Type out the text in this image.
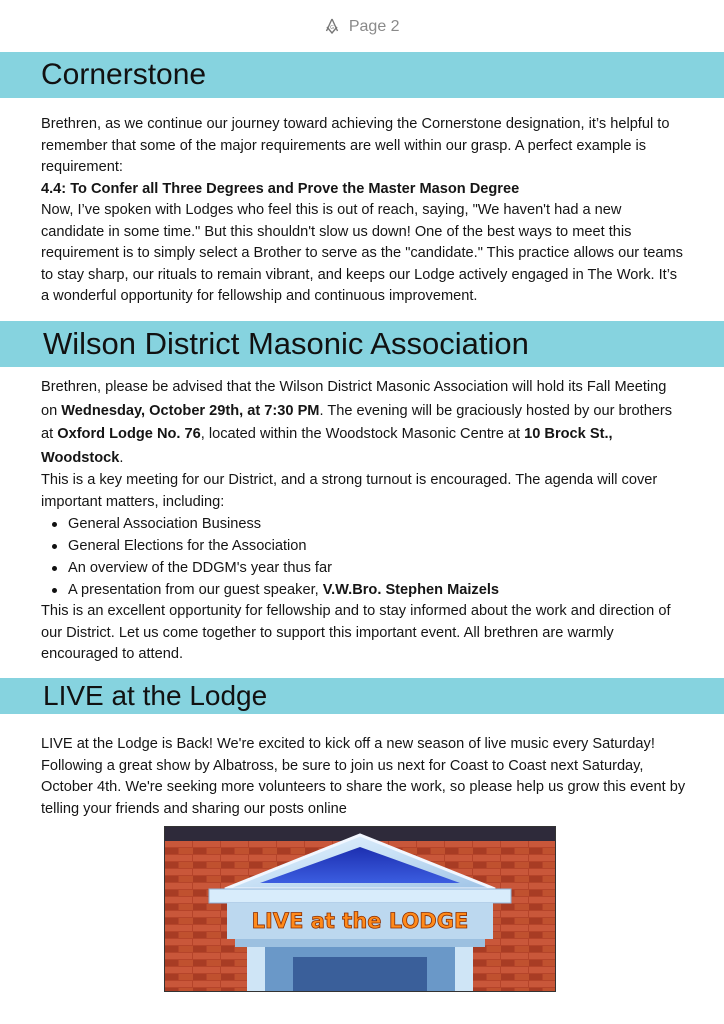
G Page 2
Cornerstone

Brethren, as we continue our journey toward achieving the Cornerstone designation, it’s helpful to remember that some of the major requirements are well within our grasp. A perfect example is requirement:

4.4: To Confer all Three Degrees and Prove the Master Mason Degree

Now, I’ve spoken with Lodges who feel this is out of reach, saying, "We haven't had a new candidate in some time." But this shouldn't slow us down! One of the best ways to meet this requirement is to simply select a Brother to serve as the "candidate." This practice allows our teams to stay sharp, our rituals to remain vibrant, and keeps our Lodge actively engaged in The Work. It’s a wonderful opportunity for fellowship and continuous improvement.

Wilson District Masonic Association

Brethren, please be advised that the Wilson District Masonic Association will hold its Fall Meeting on Wednesday, October 29th, at 7:30 PM. The evening will be graciously hosted by our brothers at Oxford Lodge No. 76, located within the Woodstock Masonic Centre at 10 Brock St., Woodstock.

This is a key meeting for our District, and a strong turnout is encouraged. The agenda will cover important matters, including:

General Association Business
General Elections for the Association
An overview of the DDGM's year thus far
A presentation from our guest speaker, V.W.Bro. Stephen Maizels

This is an excellent opportunity for fellowship and to stay informed about the work and direction of our District. Let us come together to support this important event. All brethren are warmly encouraged to attend.

LIVE at the Lodge

LIVE at the Lodge is Back! We're excited to kick off a new season of live music every Saturday! Following a great show by Albatross, be sure to join us next for Coast to Coast next Saturday, October 4th. We're seeking more volunteers to share the work, so please help us grow this event by telling your friends and sharing our posts online

LIVE at the LODGE
